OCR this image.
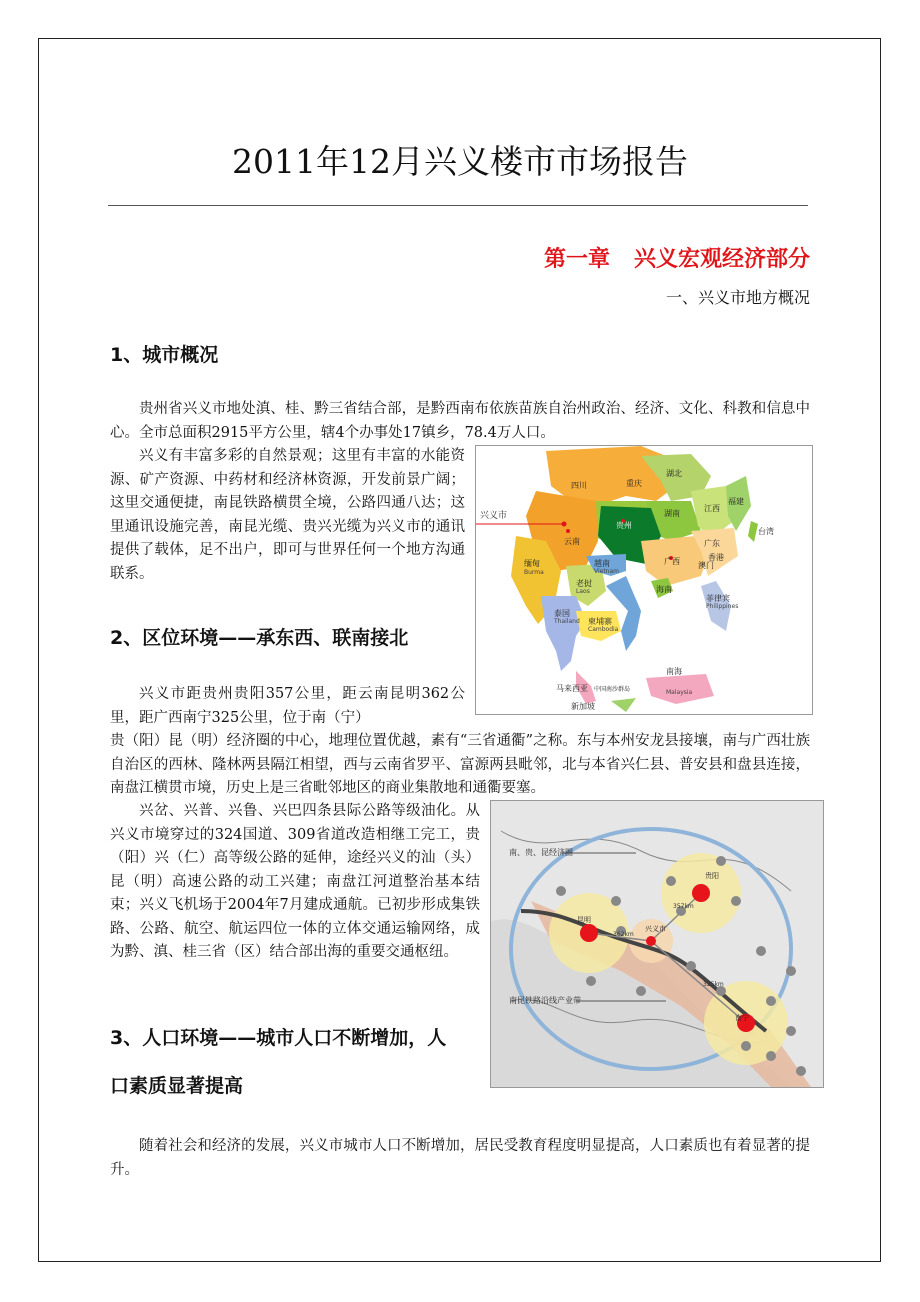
2011年12月兴义楼市市场报告
第一章 兴义宏观经济部分
一、兴义市地方概况
1、城市概况

贵州省兴义市地处滇、桂、黔三省结合部，是黔西南布依族苗族自治州政治、经济、文化、科教和信息中心。全市总面积2915平方公里，辖4个办事处17镇乡，78.4万人口。

兴义有丰富多彩的自然景观；这里有丰富的水能资源、矿产资源、中药材和经济林资源，开发前景广阔；这里交通便捷，南昆铁路横贯全境，公路四通八达；这里通讯设施完善，南昆光缆、贵兴光缆为兴义市的通讯提供了载体，足不出户，即可与世界任何一个地方沟通联系。

四川
湖北
湖南
江西
福建
贵州
云南
广西
广东
海南
台湾
澳门
香港
缅甸
老挝
越南
泰国
柬埔寨
菲律宾
马来西亚
新加坡
南海
重庆
中国南沙群岛
Burma
Laos
Vietnam
Thailand
Cambodia
Philippines
Malaysia
兴义市
2、区位环境——承东西、联南接北

兴义市距贵州贵阳357公里，距云南昆明362公里，距广西南宁325公里，位于南（宁）

贵（阳）昆（明）经济圈的中心，地理位置优越，素有“三省通衢”之称。东与本州安龙县接壤，南与广西壮族自治区的西林、隆林两县隔江相望，西与云南省罗平、富源两县毗邻，北与本省兴仁县、普安县和盘县连接，南盘江横贯市境，历史上是三省毗邻地区的商业集散地和通衢要塞。

兴岔、兴普、兴鲁、兴巴四条县际公路等级油化。从兴义市境穿过的324国道、309省道改造相继工完工，贵（阳）兴（仁）高等级公路的延伸，途经兴义的汕（头）昆（明）高速公路的动工兴建；南盘江河道整治基本结束；兴义飞机场于2004年7月建成通航。已初步形成集铁路、公路、航空、航运四位一体的立体交通运输网络，成为黔、滇、桂三省（区）结合部出海的重要交通枢纽。

南、贵、昆经济圈
南昆铁路沿线产业带
昆明
贵阳
南宁
兴义市
362km
357km
325km
3、人口环境——城市人口不断增加，人
口素质显著提高

随着社会和经济的发展，兴义市城市人口不断增加，居民受教育程度明显提高，人口素质也有着显著的提升。
